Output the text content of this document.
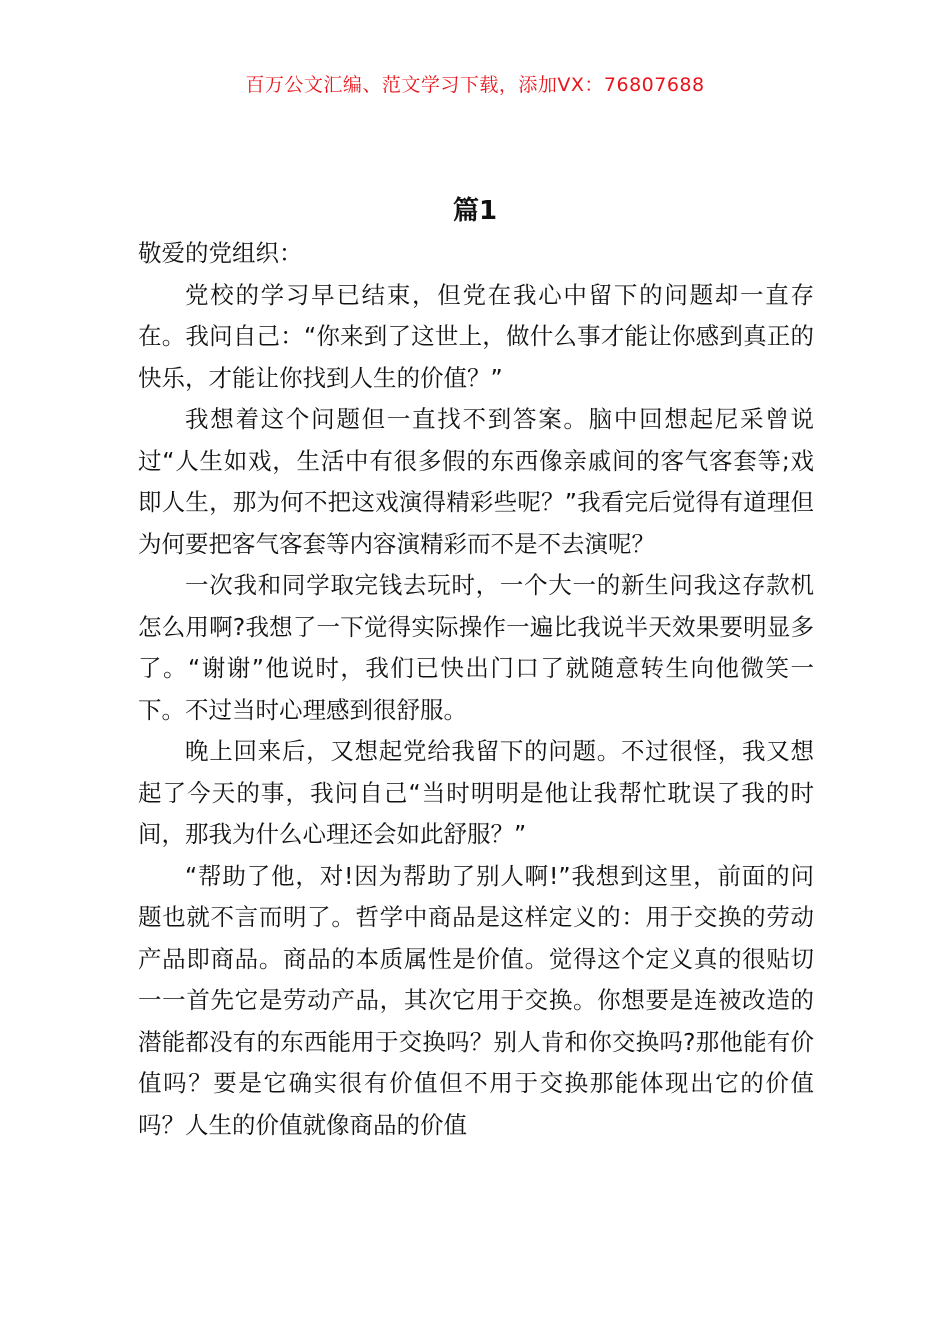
百万公文汇编、范文学习下载，添加VX：76807688
篇1

敬爱的党组织：

党校的学习早已结束，但党在我心中留下的问题却一直存在。我问自己：“你来到了这世上，做什么事才能让你感到真正的快乐，才能让你找到人生的价值？”

我想着这个问题但一直找不到答案。脑中回想起尼采曾说过“人生如戏，生活中有很多假的东西像亲戚间的客气客套等;戏即人生，那为何不把这戏演得精彩些呢？”我看完后觉得有道理但为何要把客气客套等内容演精彩而不是不去演呢？

一次我和同学取完钱去玩时，一个大一的新生问我这存款机怎么用啊?我想了一下觉得实际操作一遍比我说半天效果要明显多了。“谢谢”他说时，我们已快出门口了就随意转生向他微笑一下。不过当时心理感到很舒服。

晚上回来后，又想起党给我留下的问题。不过很怪，我又想起了今天的事，我问自己“当时明明是他让我帮忙耽误了我的时间，那我为什么心理还会如此舒服？”

“帮助了他，对!因为帮助了别人啊!”我想到这里，前面的问题也就不言而明了。哲学中商品是这样定义的：用于交换的劳动产品即商品。商品的本质属性是价值。觉得这个定义真的很贴切一一首先它是劳动产品，其次它用于交换。你想要是连被改造的潜能都没有的东西能用于交换吗？别人肯和你交换吗?那他能有价值吗？要是它确实很有价值但不用于交换那能体现出它的价值吗？人生的价值就像商品的价值
